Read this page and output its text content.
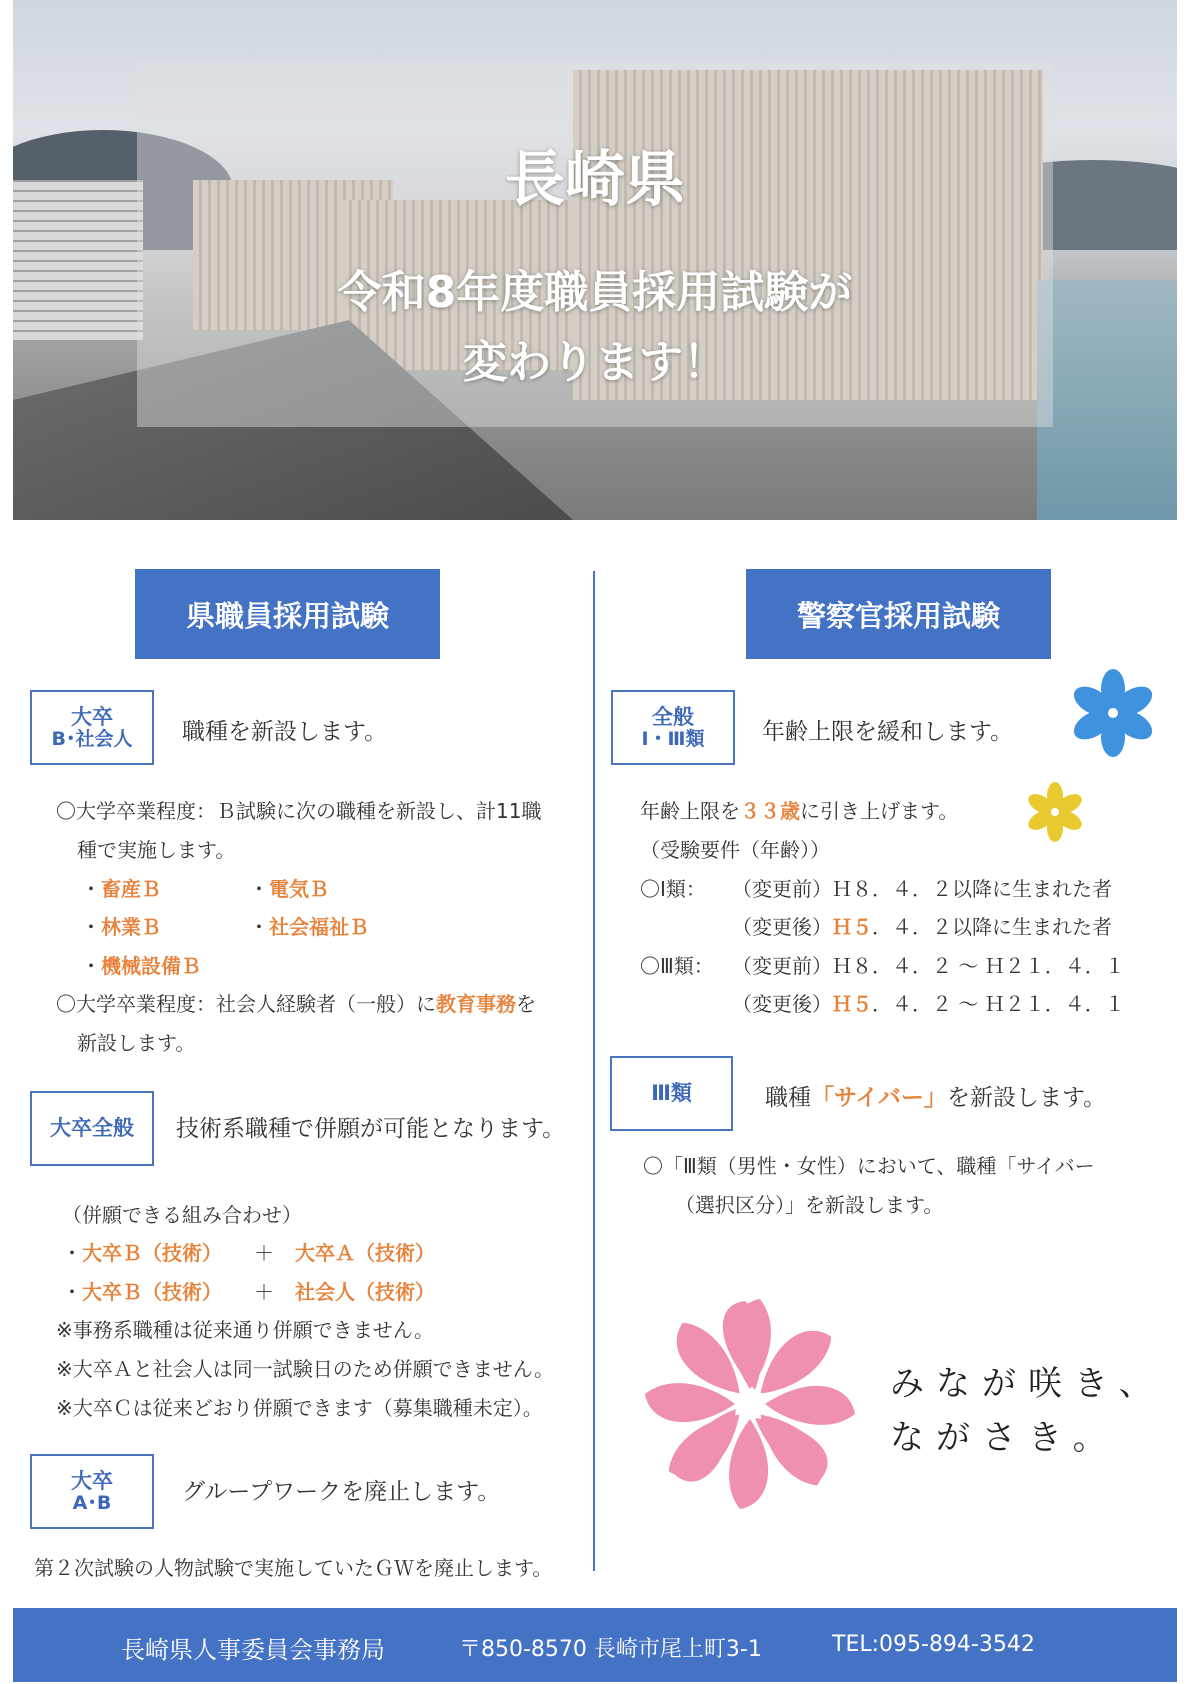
長崎県
令和8年度職員採用試験が
変わります！
県職員採用試験	警察官採用試験
大卒
B･社会人 職種を新設します。
〇大学卒業程度：Ｂ試験に次の職種を新設し、計11職
種で実施します。
・畜産Ｂ	・電気Ｂ
・林業Ｂ	・社会福祉Ｂ
・機械設備Ｂ
〇大学卒業程度：社会人経験者（一般）に教育事務を
新設します。
大卒全般	技術系職種で併願が可能となります。
（併願できる組み合わせ）
・大卒Ｂ（技術） ＋ 大卒Ａ（技術）
・大卒Ｂ（技術） ＋ 社会人（技術）
※事務系職種は従来通り併願できません。
※大卒Ａと社会人は同一試験日のため併願できません。
※大卒Ｃは従来どおり併願できます（募集職種未定）。
大卒
A･B	グループワークを廃止します。
第２次試験の人物試験で実施していたＧＷを廃止します。
全般
Ⅰ・Ⅲ類 年齢上限を緩和します。
年齢上限を３３歳に引き上げます。
（受験要件（年齢））
〇Ⅰ類： （変更前）Ｈ８．４．２以降に生まれた者
（変更後）Ｈ５．４．２以降に生まれた者
〇Ⅲ類： （変更前）Ｈ８．４．２ ～ Ｈ２１．４．１
（変更後）Ｈ５．４．２ ～ Ｈ２１．４．１
Ⅲ類	職種「サイバー」を新設します。
〇「Ⅲ類（男性・女性）において、職種「サイバー
（選択区分）」を新設します。
みなが咲き、
ながさき。
長崎県人事委員会事務局	〒850-8570 長崎市尾上町3-1	TEL:095-894-3542
